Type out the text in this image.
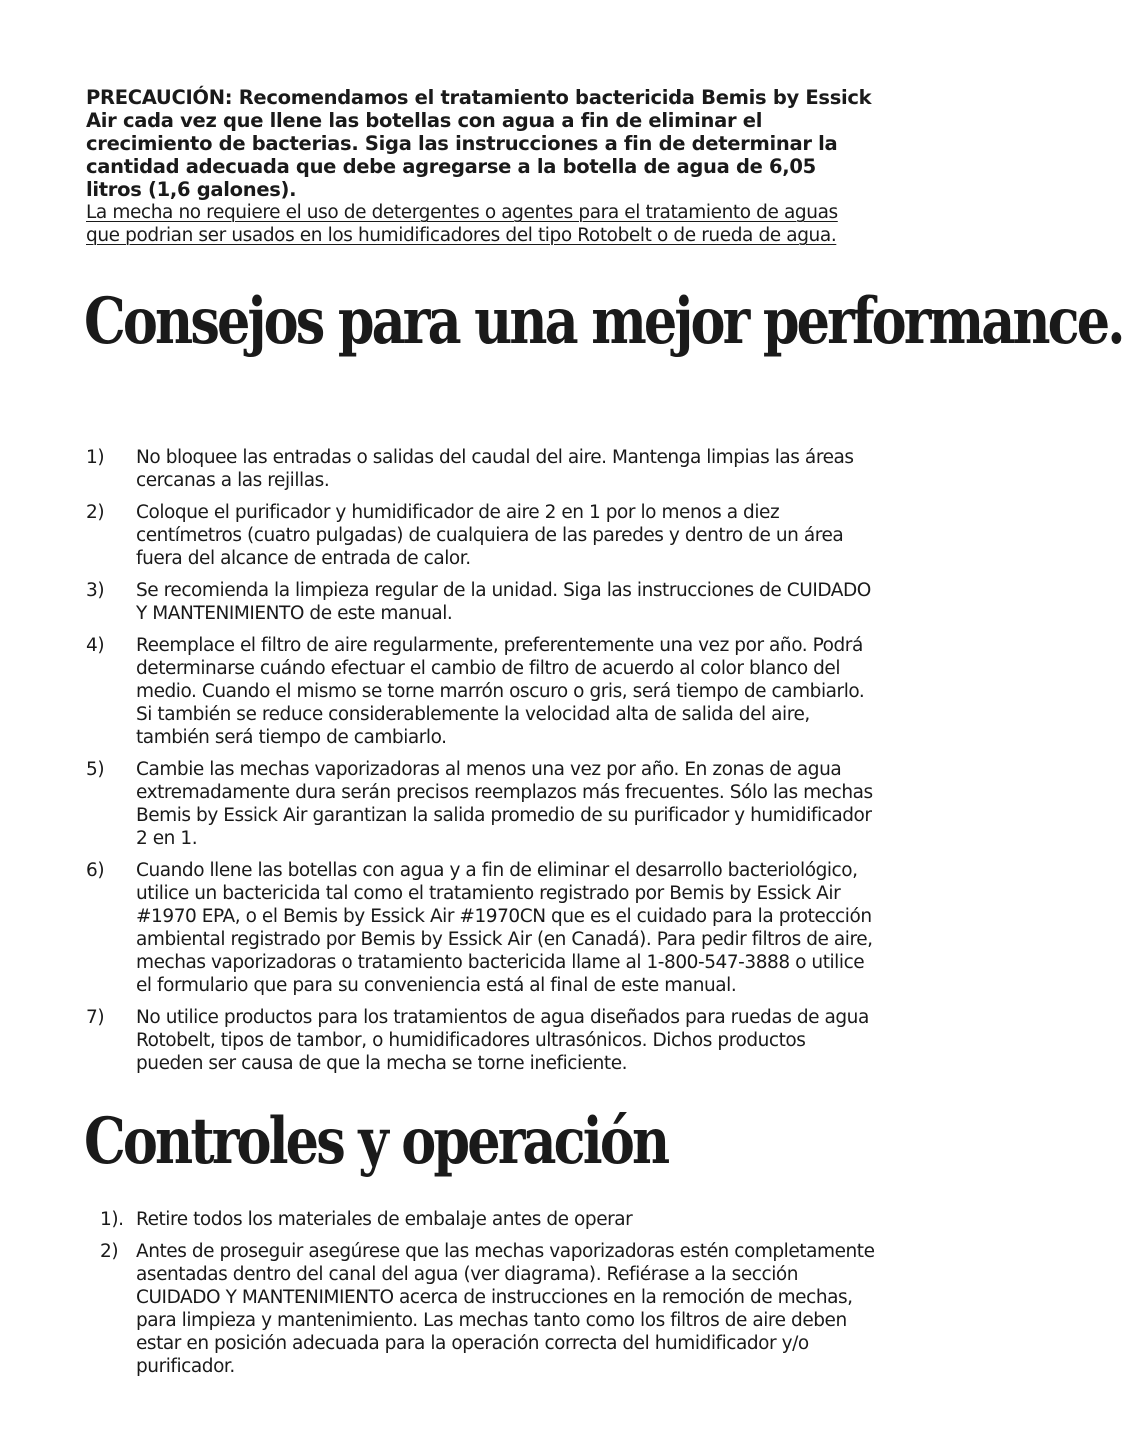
PRECAUCIÓN: Recomendamos el tratamiento bactericida Bemis by Essick Air cada vez que llene las botellas con agua a fin de eliminar el crecimiento de bacterias. Siga las instrucciones a fin de determinar la cantidad adecuada que debe agregarse a la botella de agua de 6,05 litros (1,6 galones).

La mecha no requiere el uso de detergentes o agentes para el tratamiento de aguas que podrian ser usados en los humidificadores del tipo Rotobelt o de rueda de agua.

Consejos para una mejor performance.
1) No bloquee las entradas o salidas del caudal del aire. Mantenga limpias las áreas cercanas a las rejillas.
2) Coloque el purificador y humidificador de aire 2 en 1 por lo menos a diez centímetros (cuatro pulgadas) de cualquiera de las paredes y dentro de un área fuera del alcance de entrada de calor.
3) Se recomienda la limpieza regular de la unidad. Siga las instrucciones de CUIDADO Y MANTENIMIENTO de este manual.
4) Reemplace el filtro de aire regularmente, preferentemente una vez por año. Podrá determinarse cuándo efectuar el cambio de filtro de acuerdo al color blanco del medio. Cuando el mismo se torne marrón oscuro o gris, será tiempo de cambiarlo. Si también se reduce considerablemente la velocidad alta de salida del aire, también será tiempo de cambiarlo.
5) Cambie las mechas vaporizadoras al menos una vez por año. En zonas de agua extremadamente dura serán precisos reemplazos más frecuentes. Sólo las mechas Bemis by Essick Air garantizan la salida promedio de su purificador y humidificador 2 en 1.
6) Cuando llene las botellas con agua y a fin de eliminar el desarrollo bacteriológico, utilice un bactericida tal como el tratamiento registrado por Bemis by Essick Air #1970 EPA, o el Bemis by Essick Air #1970CN que es el cuidado para la protección ambiental registrado por Bemis by Essick Air (en Canadá). Para pedir filtros de aire, mechas vaporizadoras o tratamiento bactericida llame al 1-800-547-3888 o utilice el formulario que para su conveniencia está al final de este manual.
7) No utilice productos para los tratamientos de agua diseñados para ruedas de agua Rotobelt, tipos de tambor, o humidificadores ultrasónicos. Dichos productos pueden ser causa de que la mecha se torne ineficiente.
Controles y operación
1). Retire todos los materiales de embalaje antes de operar
2) Antes de proseguir asegúrese que las mechas vaporizadoras estén completamente asentadas dentro del canal del agua (ver diagrama). Refiérase a la sección CUIDADO Y MANTENIMIENTO acerca de instrucciones en la remoción de mechas, para limpieza y mantenimiento. Las mechas tanto como los filtros de aire deben estar en posición adecuada para la operación correcta del humidificador y/o purificador.
